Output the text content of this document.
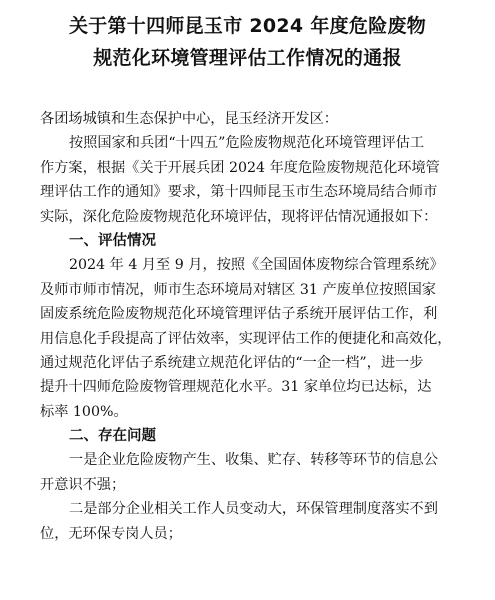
关于第十四师昆玉市 2024 年度危险废物
规范化环境管理评估工作情况的通报
各团场城镇和生态保护中心，昆玉经济开发区：
按照国家和兵团“十四五”危险废物规范化环境管理评估工
作方案，根据《关于开展兵团 2024 年度危险废物规范化环境管
理评估工作的通知》要求，第十四师昆玉市生态环境局结合师市
实际，深化危险废物规范化环境评估，现将评估情况通报如下：
一、评估情况
2024 年 4 月至 9 月，按照《全国固体废物综合管理系统》
及师市师市情况，师市生态环境局对辖区 31 产废单位按照国家
固废系统危险废物规范化环境管理评估子系统开展评估工作，利
用信息化手段提高了评估效率，实现评估工作的便捷化和高效化，
通过规范化评估子系统建立规范化评估的“一企一档”，进一步
提升十四师危险废物管理规范化水平。31 家单位均已达标，达
标率 100%。
二、存在问题
一是企业危险废物产生、收集、贮存、转移等环节的信息公
开意识不强；
二是部分企业相关工作人员变动大，环保管理制度落实不到
位，无环保专岗人员；
